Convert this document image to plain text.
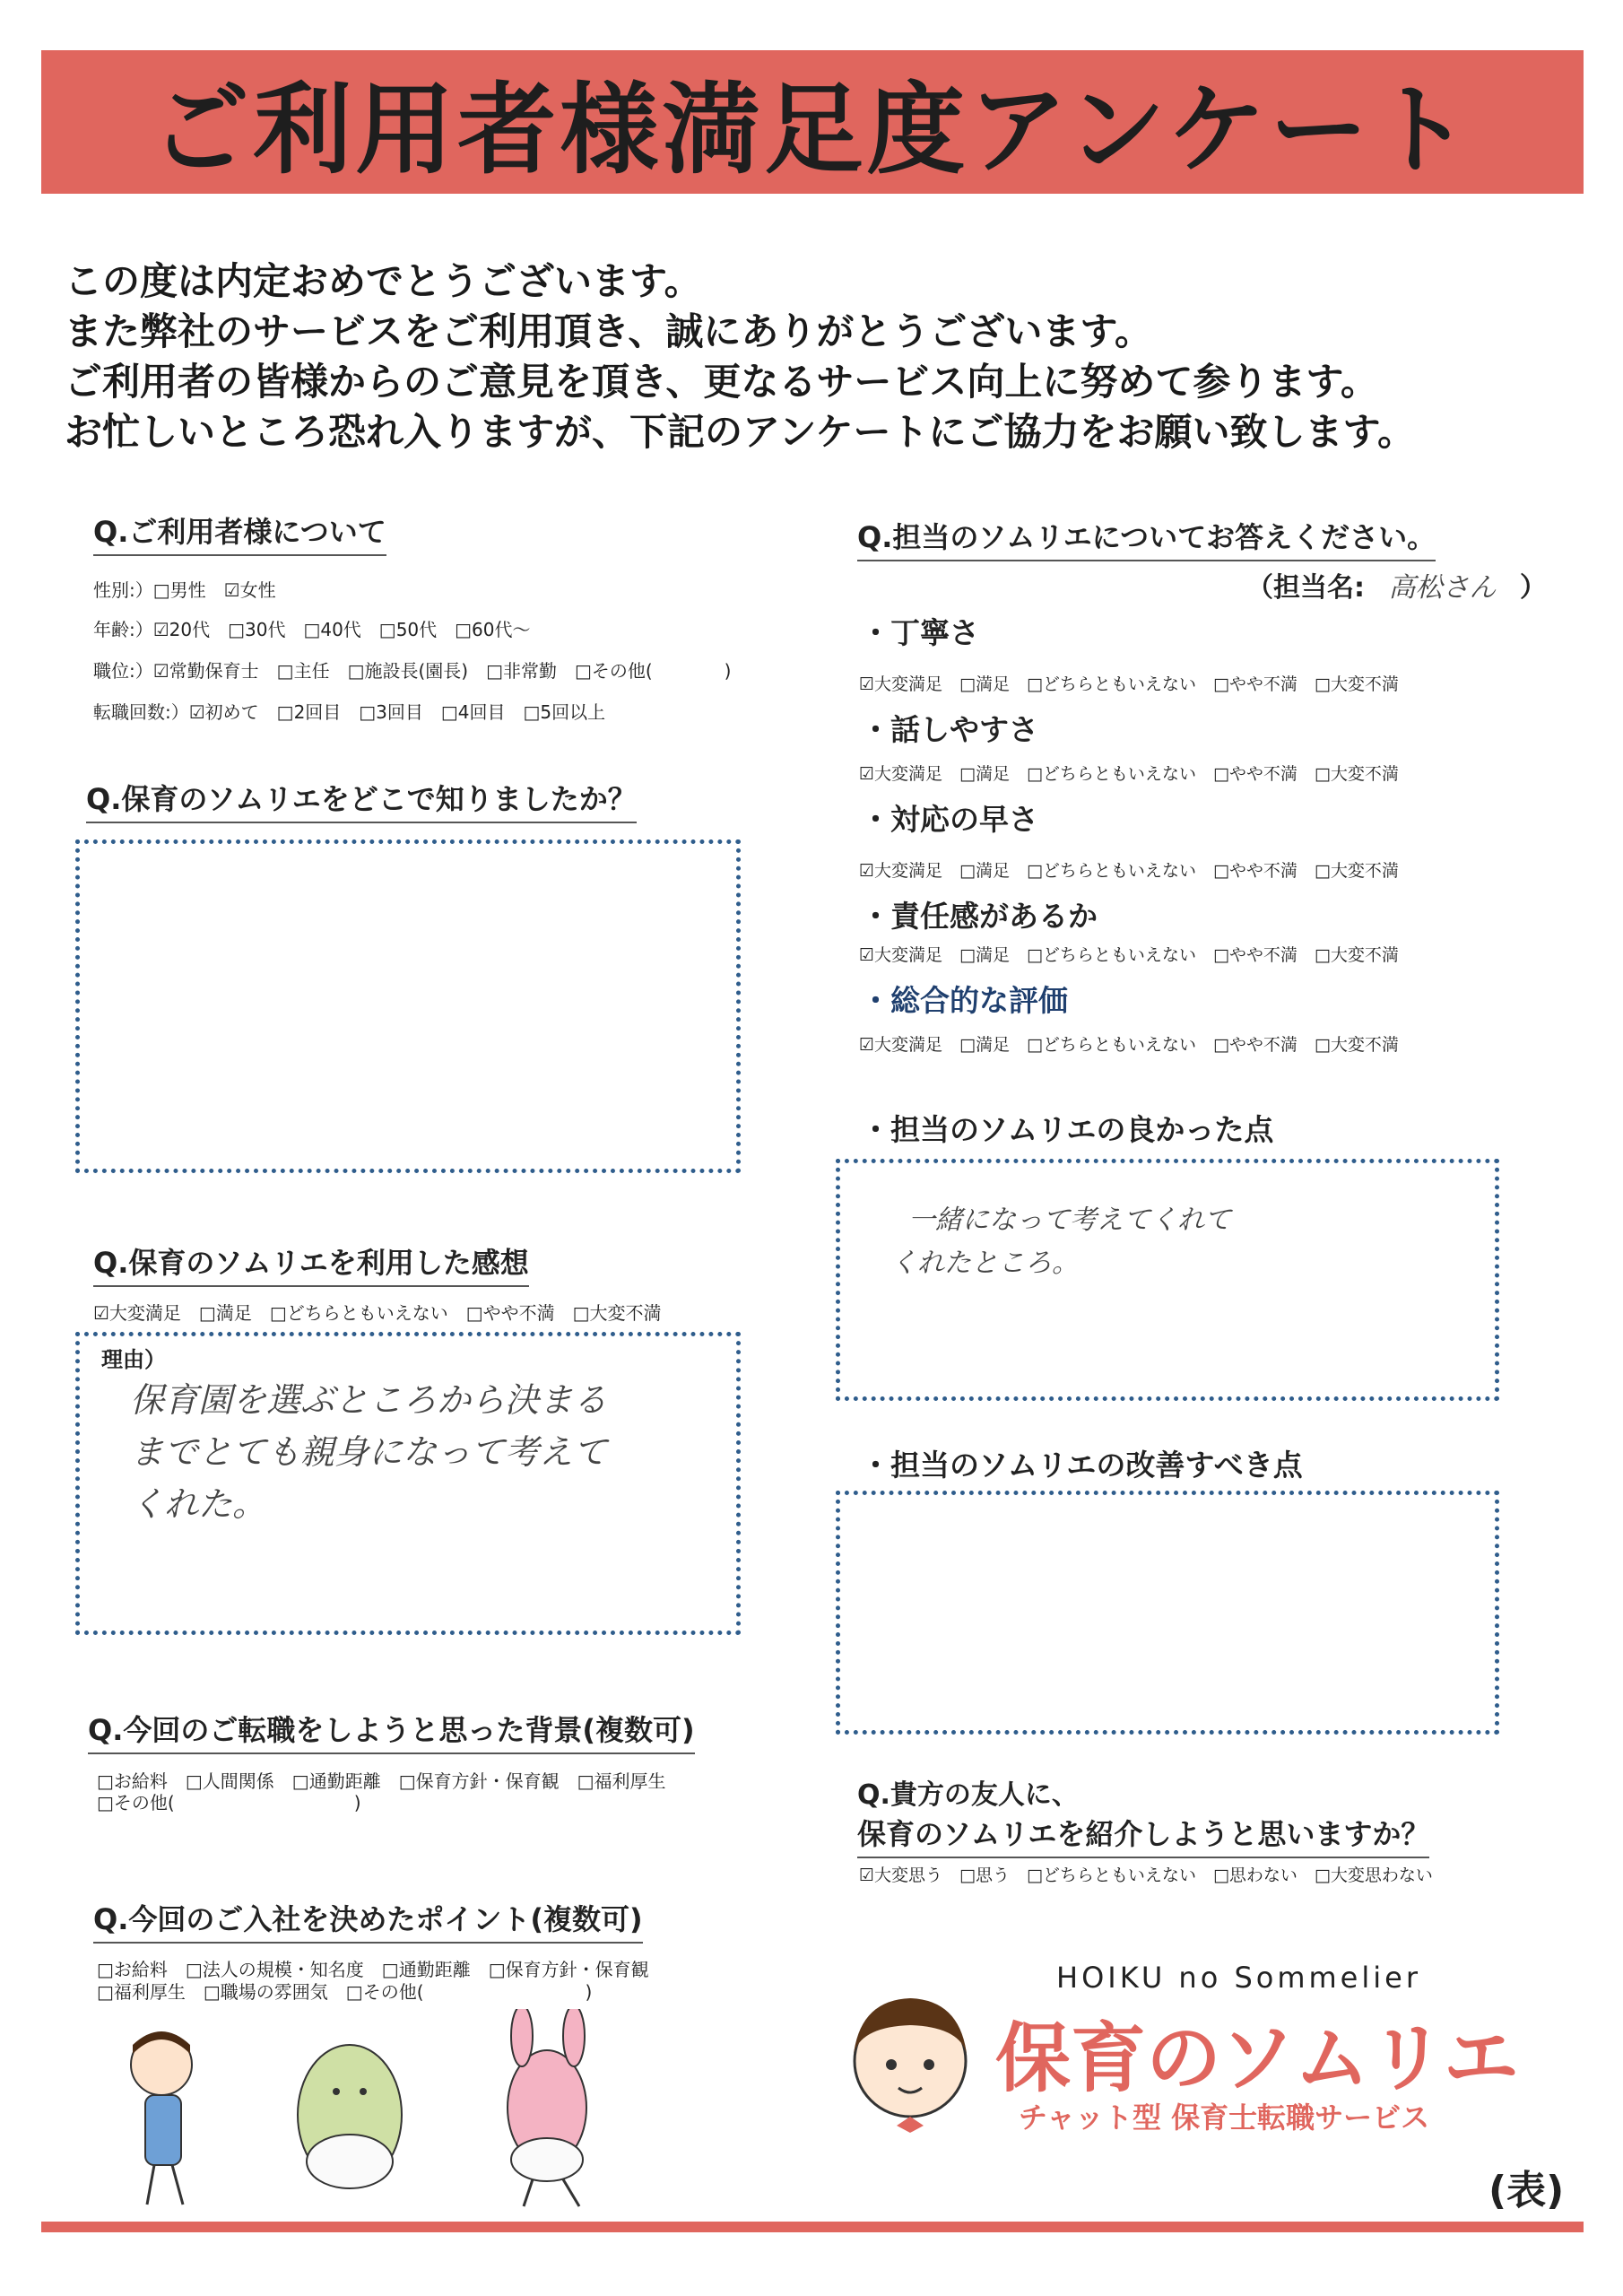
ご利用者様満足度アンケート
この度は内定おめでとうございます。
また弊社のサービスをご利用頂き、誠にありがとうございます。
ご利用者の皆様からのご意見を頂き、更なるサービス向上に努めて参ります。
お忙しいところ恐れ入りますが、下記のアンケートにご協力をお願い致します。
Q.ご利用者様について
性別:）□男性　☑女性
年齢:）☑20代　□30代　□40代　□50代　□60代～
職位:）☑常勤保育士　□主任　□施設長(園長)　□非常勤　□その他(　　　　)
転職回数:）☑初めて　□2回目　□3回目　□4回目　□5回以上
Q.保育のソムリエをどこで知りましたか？
Q.保育のソムリエを利用した感想
☑大変満足　□満足　□どちらともいえない　□やや不満　□大変不満
理由）
保育園を選ぶところから決まる
までとても親身になって考えて
くれた。
Q.今回のご転職をしようと思った背景(複数可)
□お給料　□人間関係　□通勤距離　□保育方針・保育観　□福利厚生
□その他(　　　　　　　　　　)
Q.今回のご入社を決めたポイント(複数可)
□お給料　□法人の規模・知名度　□通勤距離　□保育方針・保育観
□福利厚生　□職場の雰囲気　□その他(　　　　　　　　　)
Q.担当のソムリエについてお答えください。
（担当名: 高松さん ）
・丁寧さ
☑大変満足　□満足　□どちらともいえない　□やや不満　□大変不満
・話しやすさ
☑大変満足　□満足　□どちらともいえない　□やや不満　□大変不満
・対応の早さ
☑大変満足　□満足　□どちらともいえない　□やや不満　□大変不満
・責任感があるか
☑大変満足　□満足　□どちらともいえない　□やや不満　□大変不満
・総合的な評価
☑大変満足　□満足　□どちらともいえない　□やや不満　□大変不満
・担当のソムリエの良かった点
一緒になって考えてくれて
くれたところ。
・担当のソムリエの改善すべき点
Q.貴方の友人に、
保育のソムリエを紹介しようと思いますか？
☑大変思う　□思う　□どちらともいえない　□思わない　□大変思わない
HOIKU no Sommelier
保育のソムリエ
チャット型 保育士転職サービス
(表)
